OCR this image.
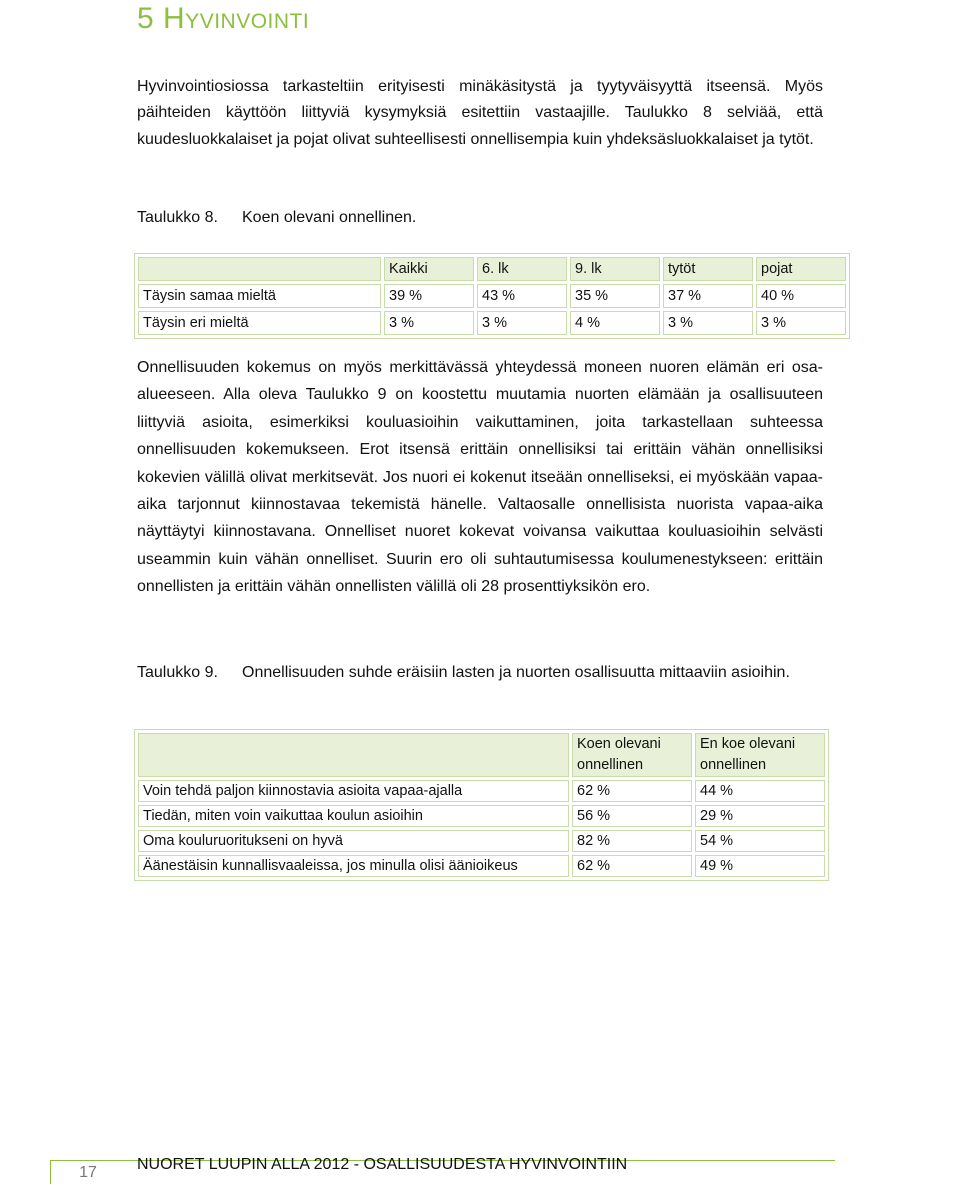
5 Hyvinvointi

Hyvinvointiosiossa tarkasteltiin erityisesti minäkäsitystä ja tyytyväisyyttä itseensä. Myös päihteiden käyttöön liittyviä kysymyksiä esitettiin vastaajille. Taulukko 8 selviää, että kuudesluokkalaiset ja pojat olivat suhteellisesti onnellisempia kuin yhdeksäsluokkalaiset ja tytöt.

Taulukko 8. Koen olevani onnellinen.
	Kaikki	6. lk	9. lk	tytöt	pojat
Täysin samaa mieltä	39 %	43 %	35 %	37 %	40 %
Täysin eri mieltä	3 %	3 %	4 %	3 %	3 %

Onnellisuuden kokemus on myös merkittävässä yhteydessä moneen nuoren elämän eri osa-alueeseen. Alla oleva Taulukko 9 on koostettu muutamia nuorten elämään ja osallisuuteen liittyviä asioita, esimerkiksi kouluasioihin vaikuttaminen, joita tarkastellaan suhteessa onnellisuuden kokemukseen. Erot itsensä erittäin onnellisiksi tai erittäin vähän onnellisiksi kokevien välillä olivat merkitsevät. Jos nuori ei kokenut itseään onnelliseksi, ei myöskään vapaa-aika tarjonnut kiinnostavaa tekemistä hänelle. Valtaosalle onnellisista nuorista vapaa-aika näyttäytyi kiinnostavana. Onnelliset nuoret kokevat voivansa vaikuttaa kouluasioihin selvästi useammin kuin vähän onnelliset. Suurin ero oli suhtautumisessa koulumenestykseen: erittäin onnellisten ja erittäin vähän onnellisten välillä oli 28 prosenttiyksikön ero.

Taulukko 9. Onnellisuuden suhde eräisiin lasten ja nuorten osallisuutta mittaaviin asioihin.
	Koen olevani onnellinen	En koe olevani onnellinen
Voin tehdä paljon kiinnostavia asioita vapaa-ajalla	62 %	44 %
Tiedän, miten voin vaikuttaa koulun asioihin	56 %	29 %
Oma kouluruoritukseni on hyvä	82 %	54 %
Äänestäisin kunnallisvaaleissa, jos minulla olisi äänioikeus	62 %	49 %
17	NUORET LUUPIN ALLA 2012 - OSALLISUUDESTA HYVINVOINTIIN
